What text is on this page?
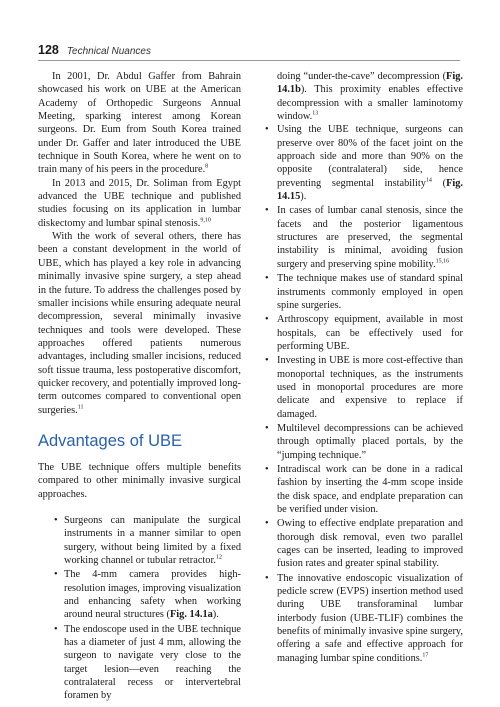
128 Technical Nuances

In 2001, Dr. Abdul Gaffer from Bahrain showcased his work on UBE at the American Academy of Orthopedic Surgeons Annual Meeting, sparking interest among Korean surgeons. Dr. Eum from South Korea trained under Dr. Gaffer and later introduced the UBE technique in South Korea, where he went on to train many of his peers in the procedure.$^8$

In 2013 and 2015, Dr. Soliman from Egypt advanced the UBE technique and published studies focusing on its application in lumbar diskectomy and lumbar spinal stenosis.$^{9,10}$

With the work of several others, there has been a constant development in the world of UBE, which has played a key role in advancing minimally invasive spine surgery, a step ahead in the future. To address the challenges posed by smaller incisions while ensuring adequate neural decompression, several minimally invasive techniques and tools were developed. These approaches offered patients numerous advantages, including smaller incisions, reduced soft tissue trauma, less postoperative discomfort, quicker recovery, and potentially improved long-term outcomes compared to conventional open surgeries.$^{11}$

Advantages of UBE

The UBE technique offers multiple benefits compared to other minimally invasive surgical approaches.

• Surgeons can manipulate the surgical instruments in a manner similar to open surgery, without being limited by a fixed working channel or tubular retractor.$^{12}$
• The 4-mm camera provides high-resolution images, improving visualization and enhancing safety when working around neural structures (Fig. 14.1a).
• The endoscope used in the UBE technique has a diameter of just 4 mm, allowing the surgeon to navigate very close to the target lesion—even reaching the contralateral recess or intervertebral foramen by

doing “under-the-cave” decompression (Fig. 14.1b). This proximity enables effective decompression with a smaller laminotomy window.$^{13}$

• Using the UBE technique, surgeons can preserve over 80% of the facet joint on the approach side and more than 90% on the opposite (contralateral) side, hence preventing segmental instability$^{14}$ (Fig. 14.15).
• In cases of lumbar canal stenosis, since the facets and the posterior ligamentous structures are preserved, the segmental instability is minimal, avoiding fusion surgery and preserving spine mobility.$^{15,16}$
• The technique makes use of standard spinal instruments commonly employed in open spine surgeries.
• Arthroscopy equipment, available in most hospitals, can be effectively used for performing UBE.
• Investing in UBE is more cost-effective than monoportal techniques, as the instruments used in monoportal procedures are more delicate and expensive to replace if damaged.
• Multilevel decompressions can be achieved through optimally placed portals, by the “jumping technique.”
• Intradiscal work can be done in a radical fashion by inserting the 4-mm scope inside the disk space, and endplate preparation can be verified under vision.
• Owing to effective endplate preparation and thorough disk removal, even two parallel cages can be inserted, leading to improved fusion rates and greater spinal stability.
• The innovative endoscopic visualization of pedicle screw (EVPS) insertion method used during UBE transforaminal lumbar interbody fusion (UBE-TLIF) combines the benefits of minimally invasive spine surgery, offering a safe and effective approach for managing lumbar spine conditions.$^{17}$
